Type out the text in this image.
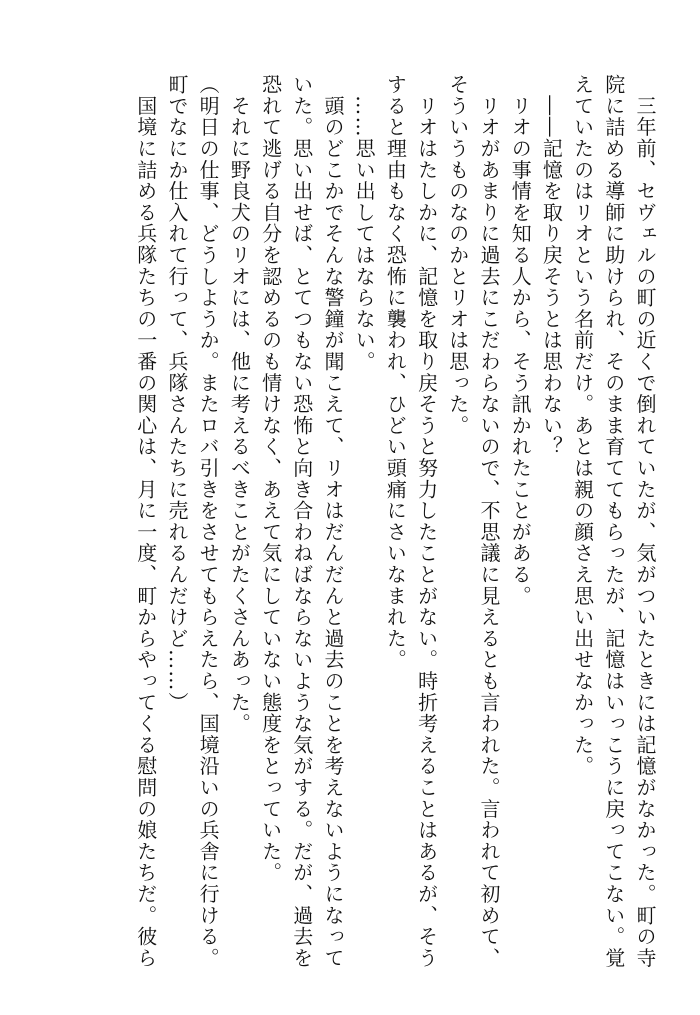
　三年前、セヴェルの町の近くで倒れていたが、気がついたときには記憶がなかった。町の寺
院に詰める導師に助けられ、そのまま育ててもらったが、記憶はいっこうに戻ってこない。覚
えていたのはリオという名前だけ。あとは親の顔さえ思い出せなかった。
　――記憶を取り戻そうとは思わない？
　リオの事情を知る人から、そう訊かれたことがある。
　リオがあまりに過去にこだわらないので、不思議に見えるとも言われた。言われて初めて、
そういうものなのかとリオは思った。
　リオはたしかに、記憶を取り戻そうと努力したことがない。時折考えることはあるが、そう
すると理由もなく恐怖に襲われ、ひどい頭痛にさいなまれた。
　……思い出してはならない。
　頭のどこかでそんな警鐘が聞こえて、リオはだんだんと過去のことを考えないようになって
いた。思い出せば、とてつもない恐怖と向き合わねばならないような気がする。だが、過去を
恐れて逃げる自分を認めるのも情けなく、あえて気にしていない態度をとっていた。
　それに野良犬のリオには、他に考えるべきことがたくさんあった。
（明日の仕事、どうしようか。またロバ引きをさせてもらえたら、国境沿いの兵舎に行ける。
町でなにか仕入れて行って、兵隊さんたちに売れるんだけど……）
　国境に詰める兵隊たちの一番の関心は、月に一度、町からやってくる慰問の娘たちだ。彼ら
